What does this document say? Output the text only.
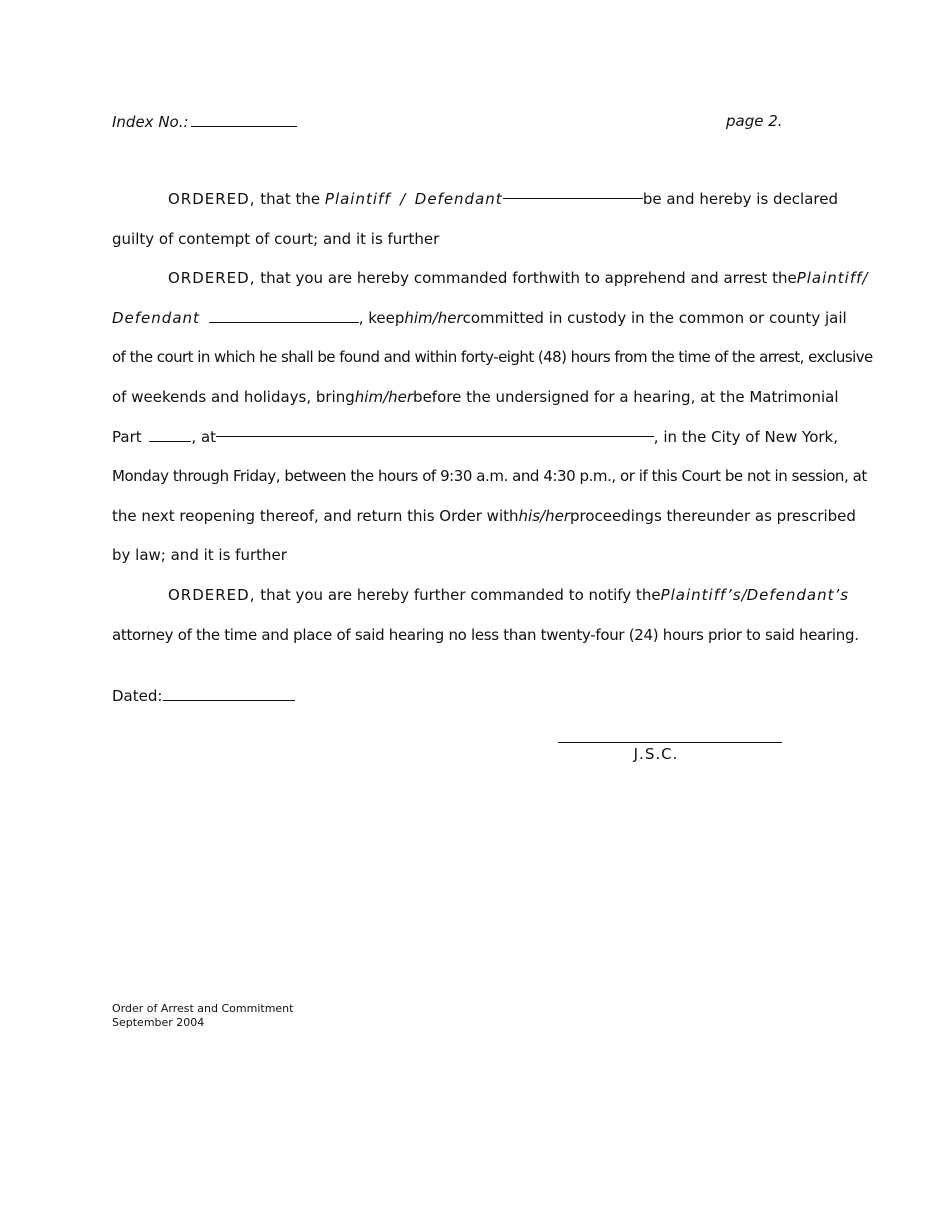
Index No.:	page 2.
ORDERED, that the Plaintiff / Defendant	be and hereby is declared
guilty of contempt of court; and it is further
ORDERED, that you are hereby commanded forthwith to apprehend and arrest the Plaintiff /
Defendant	, keep him / her committed in custody in the common or county jail
of the court in which he shall be found and within forty-eight (48) hours from the time of the arrest, exclusive
of weekends and holidays, bring him / her before the undersigned for a hearing, at the Matrimonial
Part	, at	, in the City of New York,
Monday through Friday, between the hours of 9:30 a.m. and 4:30 p.m., or if this Court be not in session, at
the next reopening thereof, and return this Order with his / her proceedings thereunder as prescribed
by law; and it is further
ORDERED, that you are hereby further commanded to notify the Plaintiff’s / Defendant’s
attorney of the time and place of said hearing no less than twenty-four (24) hours prior to said hearing.
Dated:
J.S.C.
Order of Arrest and Commitment
September 2004
